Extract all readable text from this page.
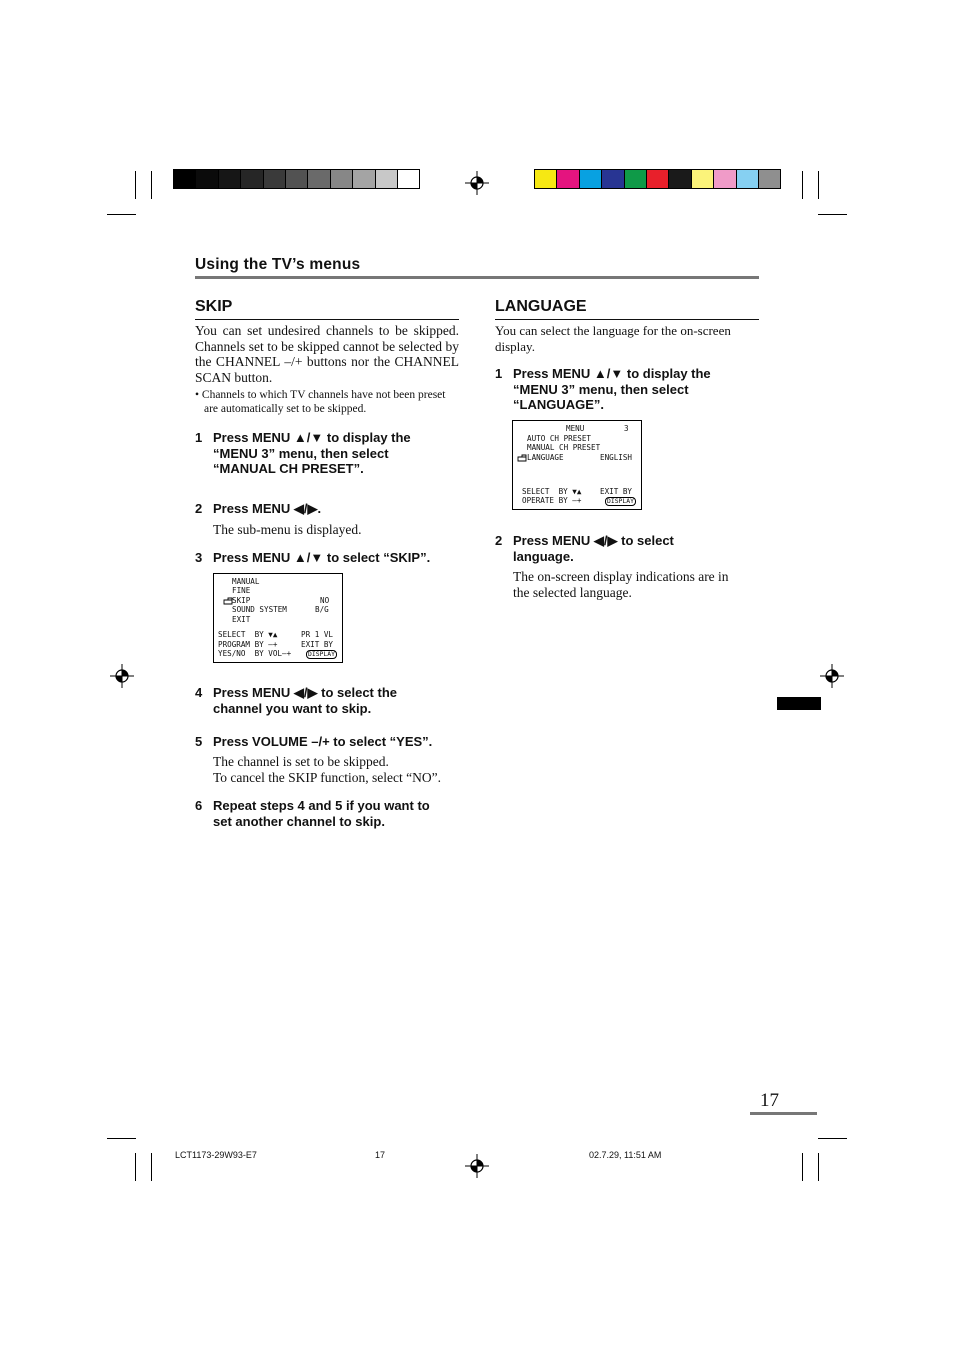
Using the TV’s menus
SKIP

You can set undesired channels to be skipped. Channels set to be skipped cannot be selected by the CHANNEL –/+ buttons nor the CHANNEL SCAN button.

• Channels to which TV channels have not been preset are automatically set to be skipped.

1 Press MENU ▲/▼ to display the
“MENU 3” menu, then select
“MANUAL CH PRESET”.
2 Press MENU ◀/▶.
The sub-menu is displayed.
3 Press MENU ▲/▼ to select “SKIP”.
MANUAL
FINE
SKIP	NO
SOUND SYSTEM	B/G
EXIT
SELECT  BY ▼▲	PR 1 VL
PROGRAM BY –+	EXIT BY
YES/NO  BY VOL–+	DISPLAY
4 Press MENU ◀/▶ to select the
channel you want to skip.
5 Press VOLUME –/+ to select “YES”.
The channel is set to be skipped.
To cancel the SKIP function, select “NO”.
6 Repeat steps 4 and 5 if you want to
set another channel to skip.
LANGUAGE

You can select the language for the on-screen display.

1 Press MENU ▲/▼ to display the
“MENU 3” menu, then select
“LANGUAGE”.
MENU	3
AUTO CH PRESET
MANUAL CH PRESET
LANGUAGE	ENGLISH
SELECT  BY ▼▲ EXIT BY
OPERATE BY –+	DISPLAY
2 Press MENU ◀/▶ to select
language.
The on-screen display indications are in
the selected language.
17
LCT1173-29W93-E7	17	02.7.29, 11:51 AM
